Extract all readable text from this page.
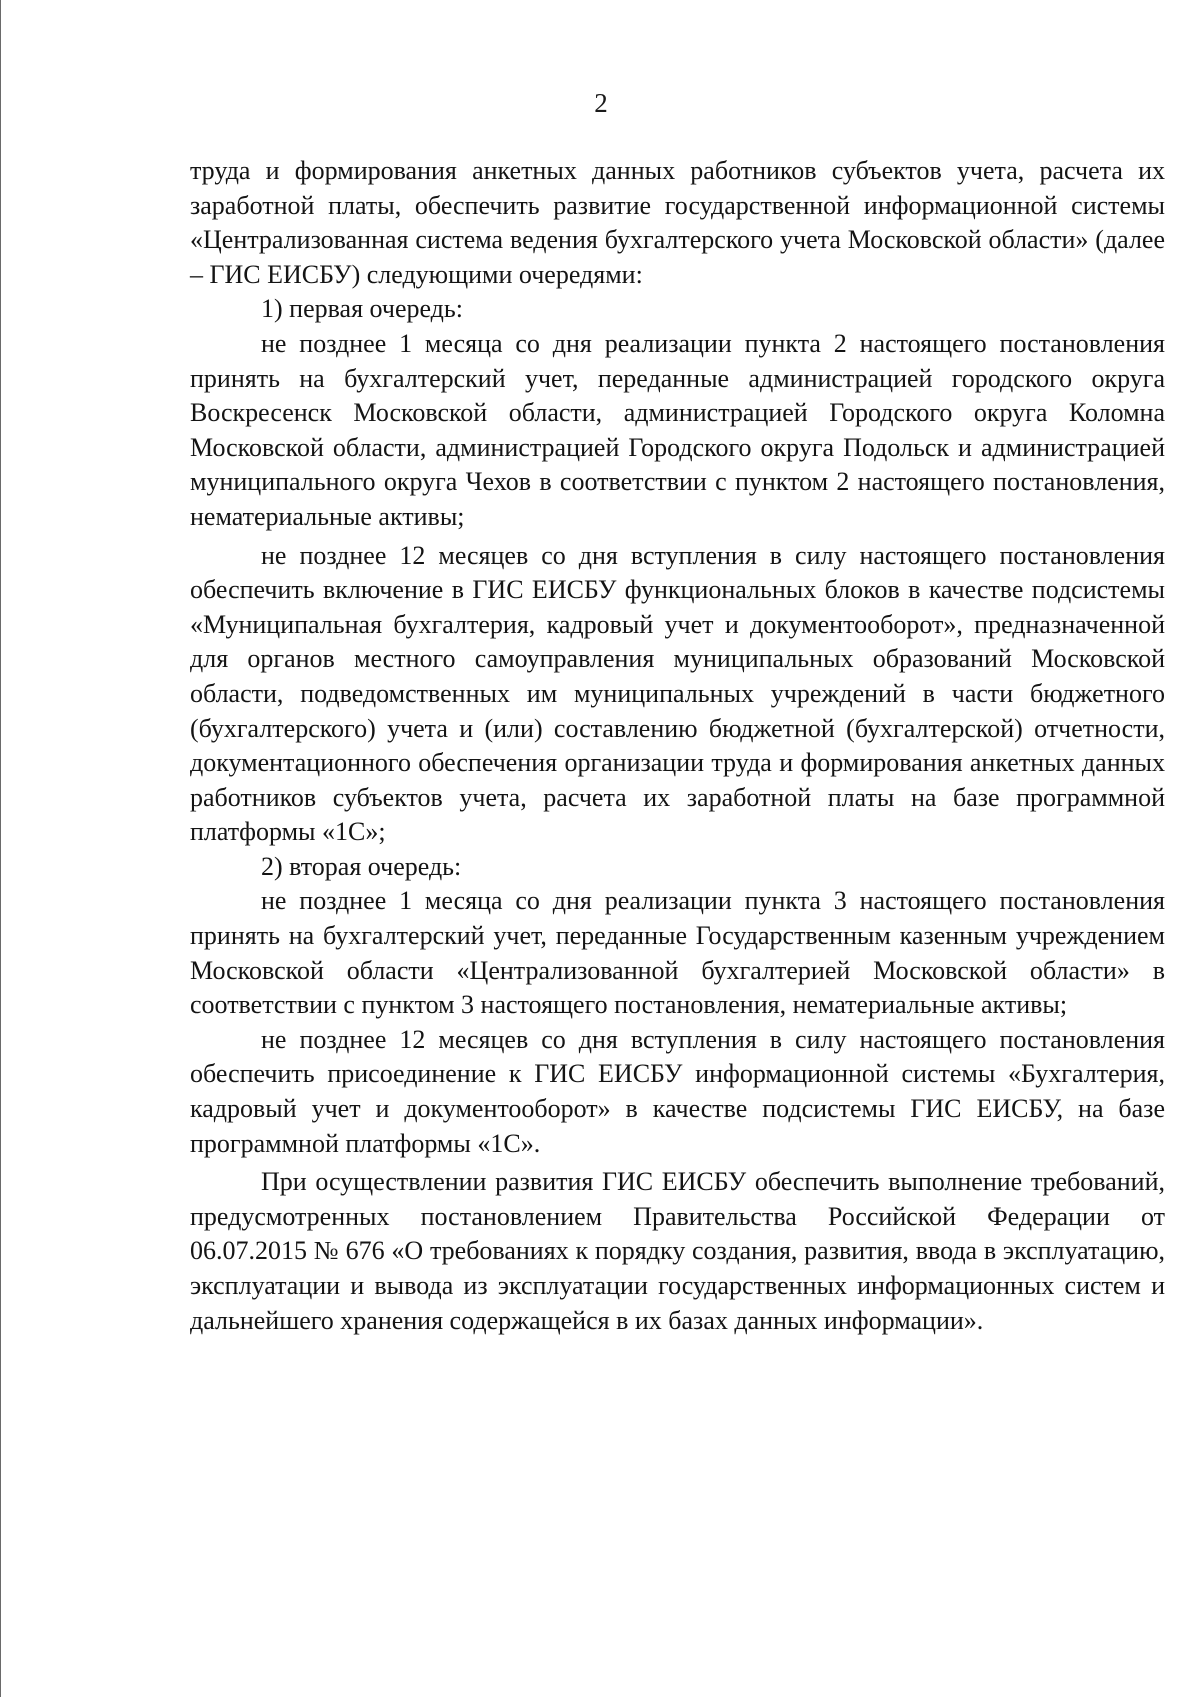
2

труда и формирования анкетных данных работников субъектов учета, расчета их заработной платы, обеспечить развитие государственной информационной системы «Централизованная система ведения бухгалтерского учета Московской области» (далее – ГИС ЕИСБУ) следующими очередями:

1) первая очередь:

не позднее 1 месяца со дня реализации пункта 2 настоящего постановления принять на бухгалтерский учет, переданные администрацией городского округа Воскресенск Московской области, администрацией Городского округа Коломна Московской области, администрацией Городского округа Подольск и администрацией муниципального округа Чехов в соответствии с пунктом 2 настоящего постановления, нематериальные активы;

не позднее 12 месяцев со дня вступления в силу настоящего постановления обеспечить включение в ГИС ЕИСБУ функциональных блоков в качестве подсистемы «Муниципальная бухгалтерия, кадровый учет и документооборот», предназначенной для органов местного самоуправления муниципальных образований Московской области, подведомственных им муниципальных учреждений в части бюджетного (бухгалтерского) учета и (или) составлению бюджетной (бухгалтерской) отчетности, документационного обеспечения организации труда и формирования анкетных данных работников субъектов учета, расчета их заработной платы на базе программной платформы «1С»;

2) вторая очередь:

не позднее 1 месяца со дня реализации пункта 3 настоящего постановления принять на бухгалтерский учет, переданные Государственным казенным учреждением Московской области «Централизованной бухгалтерией Московской области» в соответствии с пунктом 3 настоящего постановления, нематериальные активы;

не позднее 12 месяцев со дня вступления в силу настоящего постановления обеспечить присоединение к ГИС ЕИСБУ информационной системы «Бухгалтерия, кадровый учет и документооборот» в качестве подсистемы ГИС ЕИСБУ, на базе программной платформы «1С».

При осуществлении развития ГИС ЕИСБУ обеспечить выполнение требований, предусмотренных постановлением Правительства Российской Федерации от 06.07.2015 № 676 «О требованиях к порядку создания, развития, ввода в эксплуатацию, эксплуатации и вывода из эксплуатации государственных информационных систем и дальнейшего хранения содержащейся в их базах данных информации».
